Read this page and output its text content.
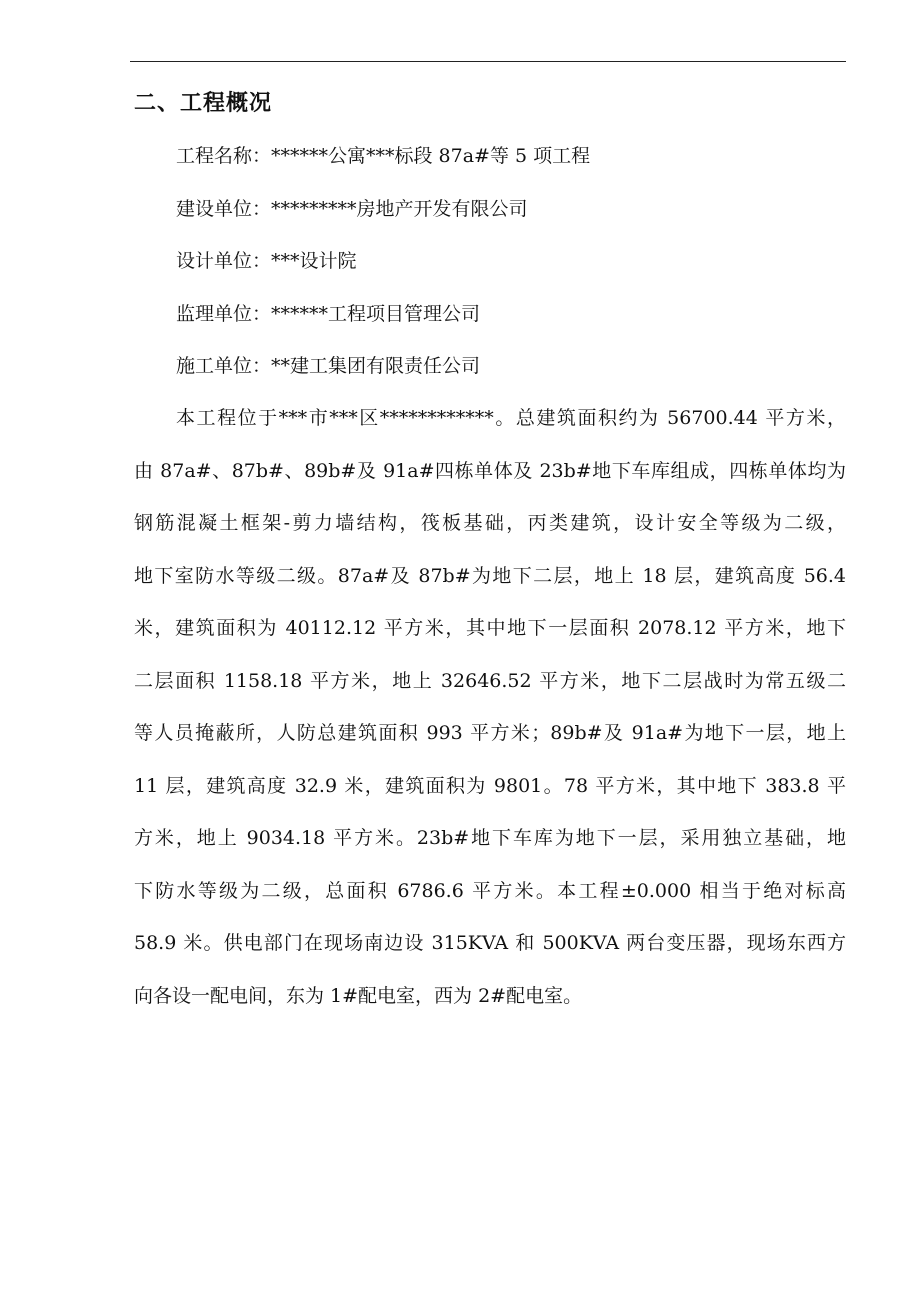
二、工程概况
工程名称：******公寓***标段 87a#等 5 项工程
建设单位：*********房地产开发有限公司
设计单位：***设计院
监理单位：******工程项目管理公司
施工单位：**建工集团有限责任公司
本工程位于***市***区************。总建筑面积约为 56700.44 平方米，
由 87a#、87b#、89b#及 91a#四栋单体及 23b#地下车库组成，四栋单体均为
钢筋混凝土框架-剪力墙结构，筏板基础，丙类建筑，设计安全等级为二级，
地下室防水等级二级。87a#及 87b#为地下二层，地上 18 层，建筑高度 56.4
米，建筑面积为 40112.12 平方米，其中地下一层面积 2078.12 平方米，地下
二层面积 1158.18 平方米，地上 32646.52 平方米，地下二层战时为常五级二
等人员掩蔽所，人防总建筑面积 993 平方米；89b#及 91a#为地下一层，地上
11 层，建筑高度 32.9 米，建筑面积为 9801。78 平方米，其中地下 383.8 平
方米，地上 9034.18 平方米。23b#地下车库为地下一层，采用独立基础，地
下防水等级为二级，总面积 6786.6 平方米。本工程±0.000 相当于绝对标高
58.9 米。供电部门在现场南边设 315KVA 和 500KVA 两台变压器，现场东西方
向各设一配电间，东为 1#配电室，西为 2#配电室。
